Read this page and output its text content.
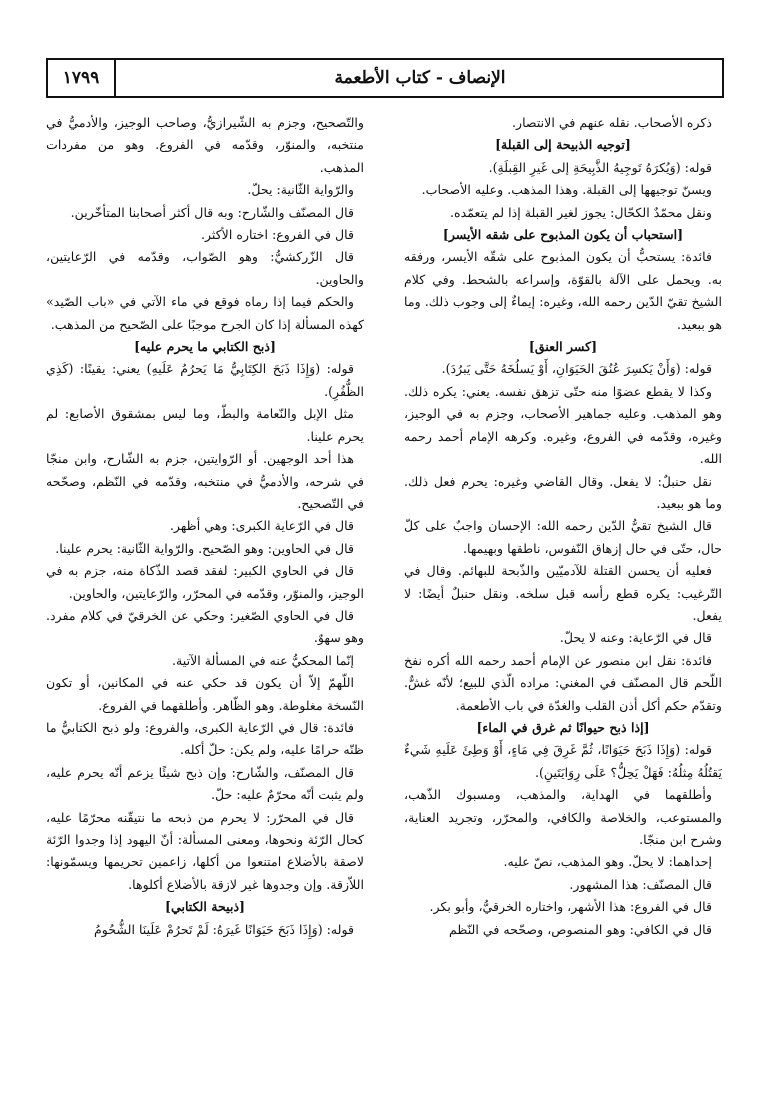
الإنصاف - كتاب الأطعمة
١٧٩٩

ذكره الأصحاب. نقله عنهم في الانتصار.

[توجيه الذبيحة إلى القبلة]

قوله: (وَيُكرَهُ تَوجِيهُ الذَّبِيحَةِ إلى غَيرِ القِبلَةِ).

ويسنّ توجيهها إلى القبلة. وهذا المذهب. وعليه الأصحاب.

ونقل محمّدٌ الكحّال: يجوز لغير القبلة إذا لم يتعمّده.

[استحباب أن يكون المذبوح على شقه الأيسر]

فائدة: يستحبُّ أن يكون المذبوح على شقّه الأيسر، ورفقه به. ويحمل على الآلة بالقوّة، وإسراعه بالشحط. وفي كلام الشيخ تقيّ الدّين رحمه الله، وغيره: إيماءٌ إلى وجوب ذلك. وما هو ببعيد.

[كسر العنق]

قوله: (وَأَنْ يَكسِرَ عُنُقَ الحَيَوَانِ، أَوْ يَسلُخَهُ حَتَّى يَبرُدَ).

وكذا لا يقطع عضوًا منه حتّى تزهق نفسه. يعني: يكره ذلك. وهو المذهب. وعليه جماهير الأصحاب، وجزم به في الوجيز، وغيره، وقدّمه في الفروع، وغيره. وكرهه الإمام أحمد رحمه الله.

نقل حنبلٌ: لا يفعل. وقال القاضي وغيره: يحرم فعل ذلك. وما هو ببعيد.

قال الشيخ تقيُّ الدّين رحمه الله: الإحسان واجبٌ على كلّ حال، حتّى في حال إزهاق النّفوس، ناطقها وبهيمها.

فعليه أن يحسن القتلة للآدميّين والذّبحة للبهائم. وقال في التّرغيب: يكره قطع رأسه قبل سلخه. ونقل حنبلٌ أيضًا: لا يفعل.

قال في الرّعاية: وعنه لا يحلّ.

فائدة: نقل ابن منصور عن الإمام أحمد رحمه الله أكره نفخ اللّحم قال المصنّف في المغني: مراده الّذي للبيع؛ لأنّه غشٌّ. وتقدّم حكم أكل أذن القلب والغدّة في باب الأطعمة.

[إذا ذبح حيوانًا ثم غرق في الماء]

قوله: (وَإِذَا ذَبَحَ حَيَوَانًا، ثُمَّ غَرِقَ فِي مَاءٍ، أَوْ وَطِئَ عَلَيهِ شَيءٌ يَقتُلُهُ مِثلُهُ: فَهَلْ يَحِلُّ؟ عَلَى رِوَايَتَينِ).

وأطلقهما في الهداية، والمذهب، ومسبوك الذّهب، والمستوعب، والخلاصة والكافي، والمحرّر، وتجريد العناية، وشرح ابن منجّا.

إحداهما: لا يحلّ. وهو المذهب، نصّ عليه.

قال المصنّف: هذا المشهور.

قال في الفروع: هذا الأشهر، واختاره الخرقيُّ، وأبو بكر.

قال في الكافي: وهو المنصوص، وصحّحه في النّظم

والتّصحيح، وجزم به الشّيرازيُّ، وصاحب الوجيز، والأدميُّ في منتخبه، والمنوّر، وقدّمه في الفروع. وهو من مفردات المذهب.

والرّواية الثّانية: يحلّ.

قال المصنّف والشّارح: وبه قال أكثر أصحابنا المتأخّرين.

قال في الفروع: اختاره الأكثر.

قال الزّركشيُّ: وهو الصّواب، وقدّمه في الرّعايتين، والحاوين.

والحكم فيما إذا رماه فوقع في ماء الآتي في «باب الصّيد» كهذه المسألة إذا كان الجرح موجبًا على الصّحيح من المذهب.

[ذبح الكتابي ما يحرم عليه]

قوله: (وَإِذَا ذَبَحَ الكِتَابِيُّ مَا يَحرُمُ عَلَيهِ) يعني: يقينًا: (كَذِي الظُّفُرِ).

مثل الإبل والنّعامة والبطّ، وما ليس بمشقوق الأصابع: لم يحرم علينا.

هذا أحد الوجهين. أو الرّوايتين، جزم به الشّارح، وابن منجّا في شرحه، والأدميُّ في منتخبه، وقدّمه في النّظم، وصحّحه في التّصحيح.

قال في الرّعاية الكبرى: وهي أظهر.

قال في الحاوين: وهو الصّحيح. والرّواية الثّانية: يحرم علينا.

قال في الحاوي الكبير: لفقد قصد الذّكاة منه، جزم به في الوجيز، والمنوّر، وقدّمه في المحرّر، والرّعايتين، والحاوين.

قال في الحاوي الصّغير: وحكي عن الخرقيّ في كلام مفرد. وهو سهوٌ.

إنّما المحكيُّ عنه في المسألة الآتية.

اللّهمّ إلاّ أن يكون قد حكي عنه في المكانين، أو تكون النّسخة مغلوطة. وهو الظّاهر. وأطلقهما في الفروع.

فائدة: قال في الرّعاية الكبرى، والفروع: ولو ذبح الكتابيُّ ما ظنّه حرامًا عليه، ولم يكن: حلّ أكله.

قال المصنّف، والشّارح: وإن ذبح شيئًا يزعم أنّه يحرم عليه، ولم يثبت أنّه محرّمٌ عليه: حلّ.

قال في المحرّر: لا يحرم من ذبحه ما نتيقّنه محرّمًا عليه، كحال الرّئة ونحوها، ومعنى المسألة: أنّ اليهود إذا وجدوا الرّئة لاصقة بالأضلاع امتنعوا من أكلها، زاعمين تحريمها ويسمّونها: اللاّزقة. وإن وجدوها غير لازقة بالأضلاع أكلوها.

[ذبيحة الكتابي]

قوله: (وَإِذَا ذَبَحَ حَيَوَانًا غَيرَهُ: لَمْ تَحرُمْ عَلَينَا الشُّحُومُ
